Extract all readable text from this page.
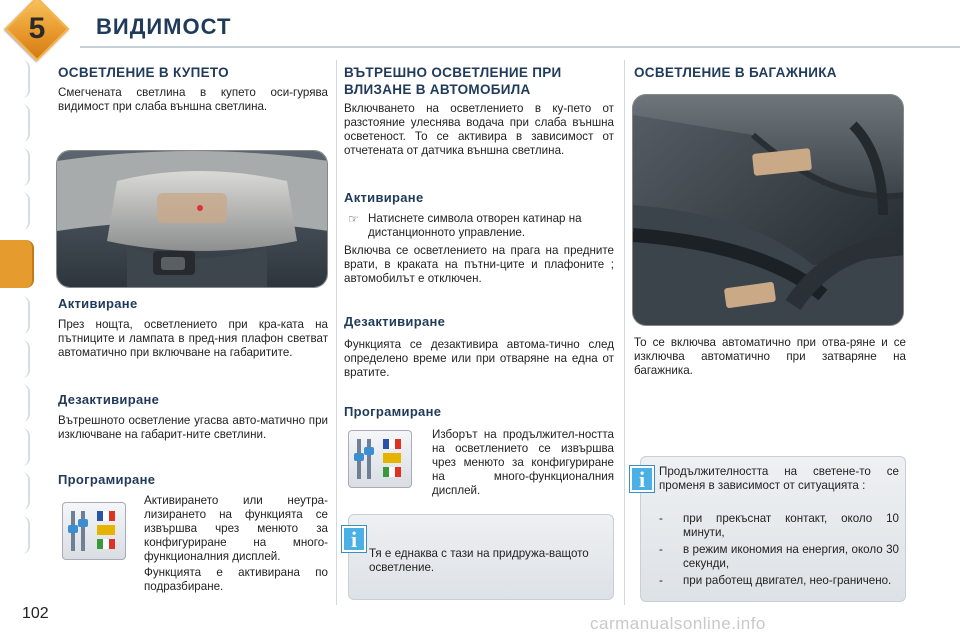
5	ВИДИМОСТ
ОСВЕТЛЕНИЕ В КУПЕТО

Смегчената светлина в купето оси-гурява видимост при слаба външна светлина.

Активиране

През нощта, осветлението при кра-ката на пътниците и лампата в пред-ния плафон светват автоматично при включване на габаритите.

Дезактивиране

Вътрешното осветление угасва авто-матично при изключване на габарит-ните светлини.

Програмиране

Активирането или неутра-лизирането на функцията се извършва чрез менюто за конфигуриране на много-функционалния дисплей.

Функцията е активирана по подразбиране.

ВЪТРЕШНО ОСВЕТЛЕНИЕ ПРИ ВЛИЗАНЕ В АВТОМОБИЛА

Включването на осветлението в ку-пето от разстояние улеснява водача при слаба външна осветеност. То се активира в зависимост от отчетената от датчика външна светлина.

Активиране
☞ Натиснете символа отворен катинар на дистанционното управление.

Включва се осветлението на прага на предните врати, в краката на пътни-ците и плафоните ; автомобилът е отключен.

Дезактивиране

Функцията се дезактивира автома-тично след определено време или при отваряне на една от вратите.

Програмиране

Изборът на продължител-ността на осветлението се извършва чрез менюто за конфигуриране на много-функционалния дисплей.

Тя е еднаква с тази на придружа-ващото осветление.

i
ОСВЕТЛЕНИЕ В БАГАЖНИКА

То се включва автоматично при отва-ряне и се изключва автоматично при затваряне на багажника.

Продължителността на светене-то се променя в зависимост от ситуацията :

- при прекъснат контакт, около 10 минути,
- в режим икономия на енергия, около 30 секунди,
- при работещ двигател, нео-граничено.
i
102
carmanualsonline.info
